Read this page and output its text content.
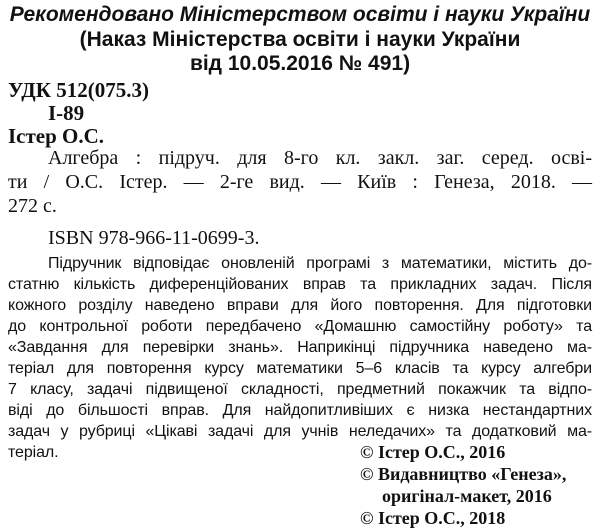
Рекомендовано Міністерством освіти і науки України
(Наказ Міністерства освіти і науки України
від 10.05.2016 № 491)
УДК 512(075.3)
І-89
Істер О.С.
Алгебра : підруч. для 8-го кл. закл. заг. серед. осві-
ти / О.С. Істер. — 2-ге вид. — Київ : Генеза, 2018. —
272 с.
ISBN 978-966-11-0699-3.
Підручник відповідає оновленій програмі з математики, містить до-
статню кількість диференційованих вправ та прикладних задач. Після
кожного розділу наведено вправи для його повторення. Для підготовки
до контрольної роботи передбачено «Домашню самостійну роботу» та
«Завдання для перевірки знань». Наприкінці підручника наведено ма-
теріал для повторення курсу математики 5–6 класів та курсу алгебри
7 класу, задачі підвищеної складності, предметний покажчик та відпо-
віді до більшості вправ. Для найдопитливіших є низка нестандартних
задач у рубриці «Цікаві задачі для учнів неледачих» та додатковий ма-
теріал.	© Істер О.С., 2016
© Видавництво «Генеза»,
оригінал-макет, 2016
© Істер О.С., 2018
